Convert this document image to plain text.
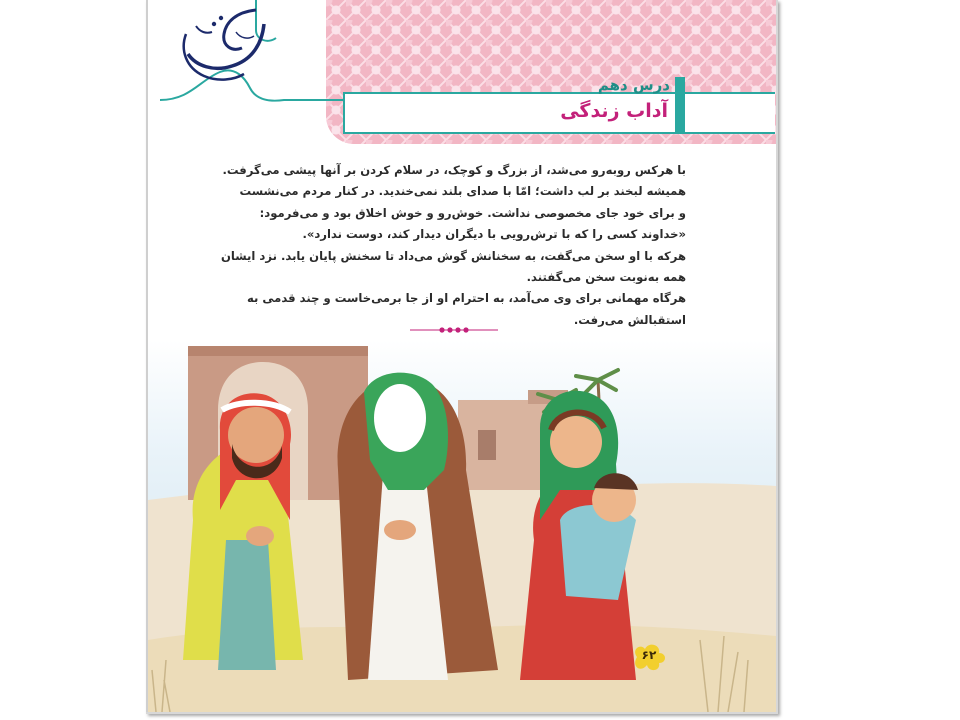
درس دهم
آداب زندگی

با هرکس روبه‌رو می‌شد، از بزرگ و کوچک، در سلام کردن بر آنها پیشی می‌گرفت.

همیشه لبخند بر لب داشت؛ امّا با صدای بلند نمی‌خندید. در کنار مردم می‌نشست

و برای خود جای مخصوصی نداشت. خوش‌رو و خوش اخلاق بود و می‌فرمود:

«خداوند کسی را که با ترش‌رویی با دیگران دیدار کند، دوست ندارد».

هرکه با او سخن می‌گفت، به سخنانش گوش می‌داد تا سخنش پایان یابد. نزد ایشان

همه به‌نوبت سخن می‌گفتند.

هرگاه مهمانی برای وی می‌آمد، به احترام او از جا برمی‌خاست و چند قدمی به

استقبالش می‌رفت.

۶۲
